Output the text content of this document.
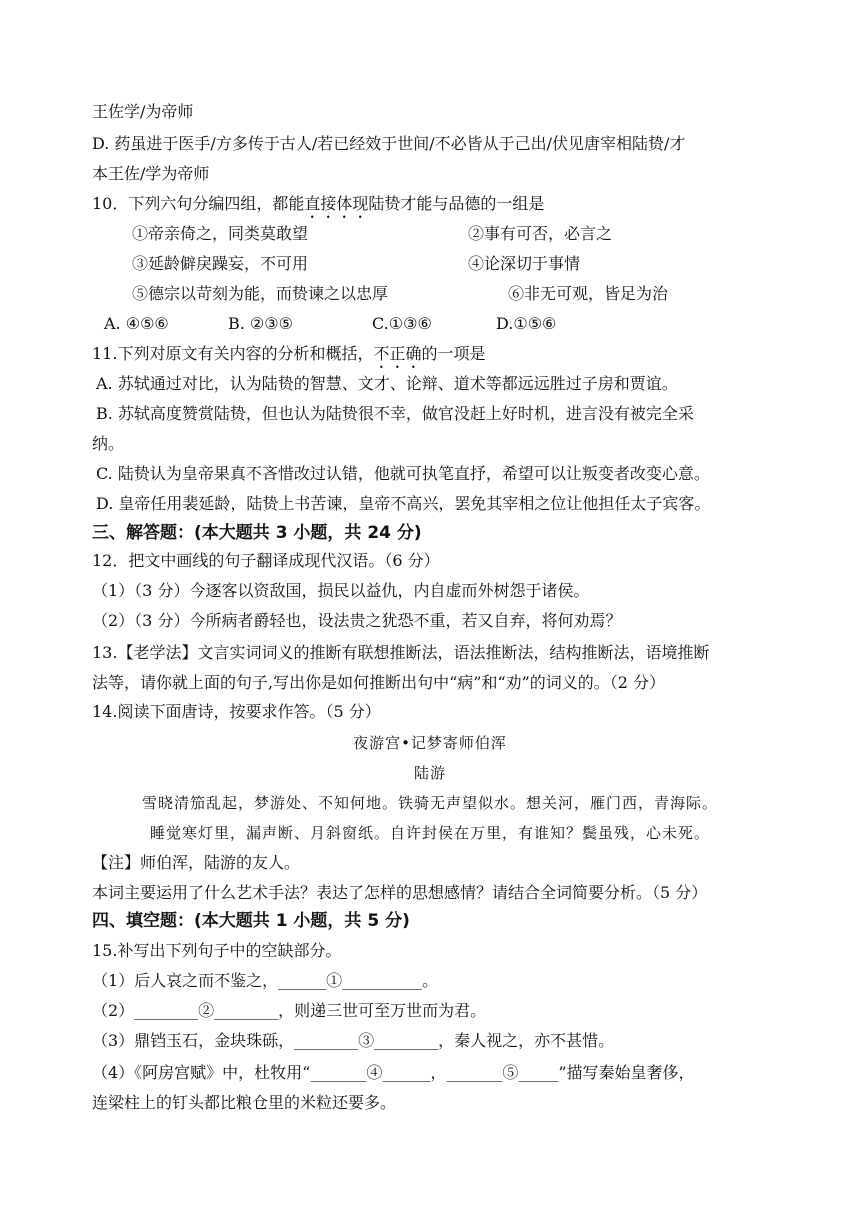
王佐学/为帝师
D. 药虽进于医手/方多传于古人/若已经效于世间/不必皆从于己出/伏见唐宰相陆贽/才
本王佐/学为帝师
10．下列六句分编四组，都能直接体现陆贽才能与品德的一组是
①帝亲倚之，同类莫敢望	②事有可否，必言之
③延龄僻戾躁妄，不可用	④论深切于事情
⑤德宗以苛刻为能，而贽谏之以忠厚	⑥非无可观，皆足为治
A. ④⑤⑥	B. ②③⑤	C.①③⑥	D.①⑤⑥
11.下列对原文有关内容的分析和概括，不正确的一项是
A. 苏轼通过对比，认为陆贽的智慧、文才、论辩、道术等都远远胜过子房和贾谊。
B. 苏轼高度赞赏陆贽，但也认为陆贽很不幸，做官没赶上好时机，进言没有被完全采
纳。
C. 陆贽认为皇帝果真不吝惜改过认错，他就可执笔直抒，希望可以让叛变者改变心意。
D. 皇帝任用裴延龄，陆贽上书苦谏，皇帝不高兴，罢免其宰相之位让他担任太子宾客。
三、解答题：(本大题共 3 小题，共 24 分)
12．把文中画线的句子翻译成现代汉语。（6 分）
（1）（3 分）今逐客以资敌国，损民以益仇，内自虚而外树怨于诸侯。
（2）（3 分）今所病者爵轻也，设法贵之犹恐不重，若又自弃，将何劝焉？
13.【老学法】文言实词词义的推断有联想推断法，语法推断法，结构推断法，语境推断
法等，请你就上面的句子,写出你是如何推断出句中“病”和“劝”的词义的。（2 分）
14.阅读下面唐诗，按要求作答。（5 分）
夜游宫•记梦寄师伯浑
陆游
雪晓清笳乱起，梦游处、不知何地。铁骑无声望似水。想关河，雁门西，青海际。
睡觉寒灯里，漏声断、月斜窗纸。自许封侯在万里，有谁知？鬓虽残，心未死。
【注】师伯浑，陆游的友人。
本词主要运用了什么艺术手法？表达了怎样的思想感情？请结合全词简要分析。（5 分）
四、填空题：(本大题共 1 小题，共 5 分)
15.补写出下列句子中的空缺部分。
（1）后人哀之而不鉴之，______①__________。
（2）________②________，则递三世可至万世而为君。
（3）鼎铛玉石，金块珠砾，________③________，秦人视之，亦不甚惜。
（4）《阿房宫赋》中，杜牧用“_______④______，_______⑤_____”描写秦始皇奢侈，
连梁柱上的钉头都比粮仓里的米粒还要多。
